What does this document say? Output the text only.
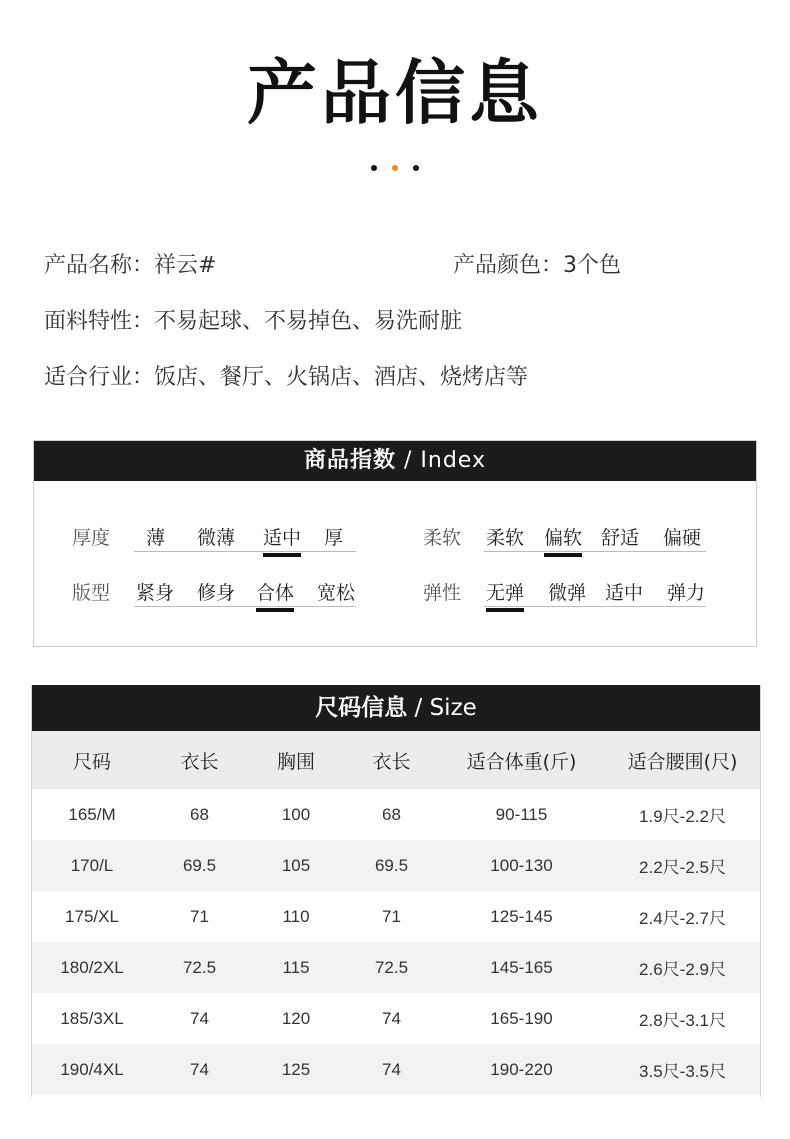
产品信息

产品名称：祥云#	产品颜色：3个色
面料特性：不易起球、不易掉色、易洗耐脏
适合行业：饭店、餐厅、火锅店、酒店、烧烤店等
商品指数 / Index
厚度 薄 微薄 适中 厚	柔软 柔软 偏软 舒适 偏硬
版型 紧身 修身 合体 宽松	弹性 无弹 微弹 适中 弹力
尺码信息 / Size
尺码	衣长	胸围	衣长	适合体重(斤)	适合腰围(尺)
165/M	68	100	68	90-115	1.9尺-2.2尺
170/L	69.5	105	69.5	100-130	2.2尺-2.5尺
175/XL	71	110	71	125-145	2.4尺-2.7尺
180/2XL	72.5	115	72.5	145-165	2.6尺-2.9尺
185/3XL	74	120	74	165-190	2.8尺-3.1尺
190/4XL	74	125	74	190-220	3.5尺-3.5尺
